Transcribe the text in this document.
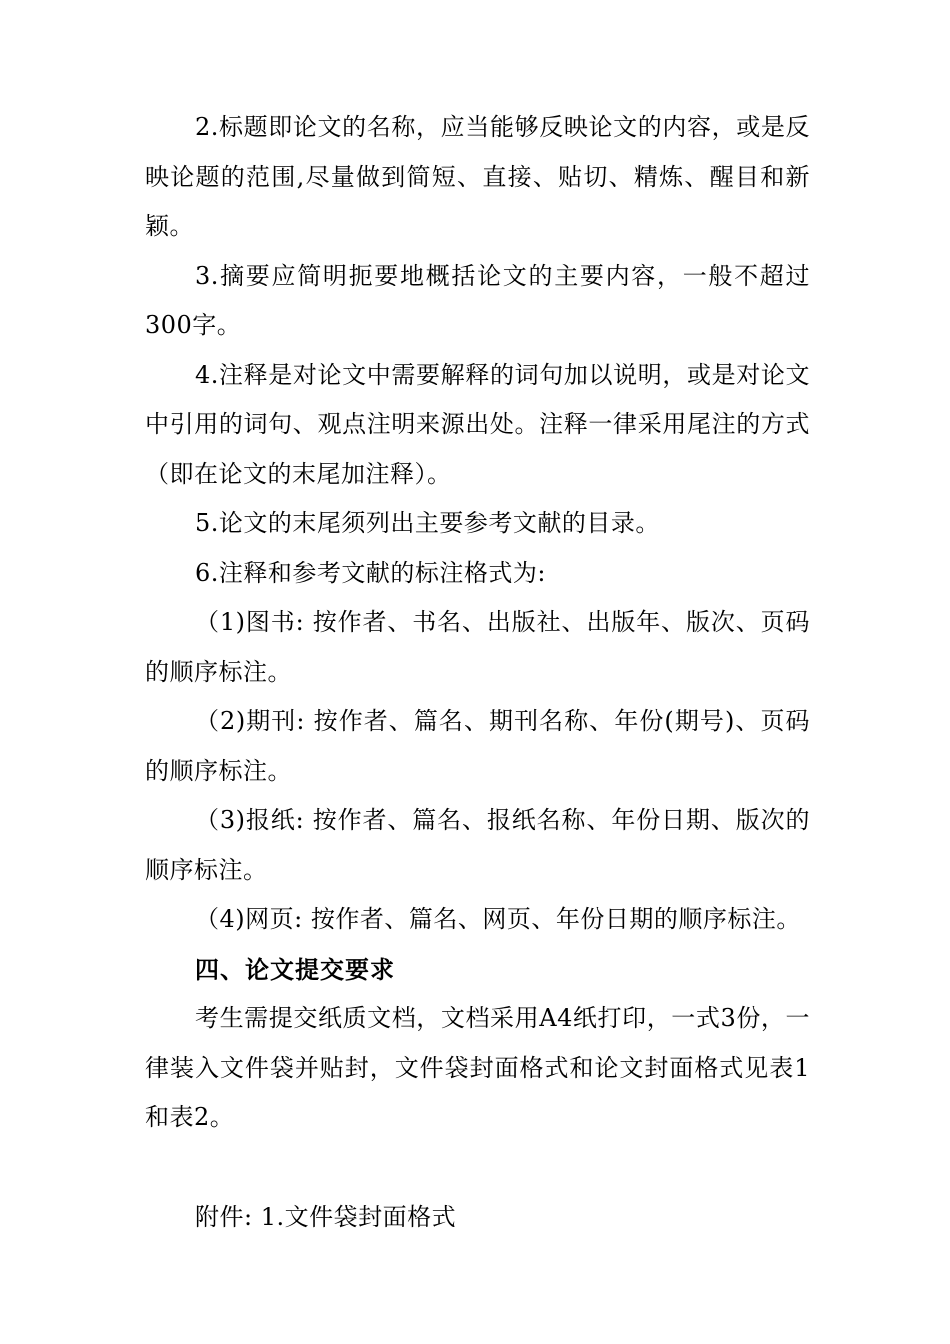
2.标题即论文的名称，应当能够反映论文的内容，或是反映论题的范围,尽量做到简短、直接、贴切、精炼、醒目和新颖。

3.摘要应简明扼要地概括论文的主要内容，一般不超过300字。

4.注释是对论文中需要解释的词句加以说明，或是对论文中引用的词句、观点注明来源出处。注释一律采用尾注的方式（即在论文的末尾加注释）。

5.论文的末尾须列出主要参考文献的目录。

6.注释和参考文献的标注格式为:

（1)图书: 按作者、书名、出版社、出版年、版次、页码的顺序标注。

（2)期刊: 按作者、篇名、期刊名称、年份(期号)、页码的顺序标注。

（3)报纸: 按作者、篇名、报纸名称、年份日期、版次的顺序标注。

（4)网页: 按作者、篇名、网页、年份日期的顺序标注。

四、论文提交要求

考生需提交纸质文档，文档采用A4纸打印，一式3份，一律装入文件袋并贴封，文件袋封面格式和论文封面格式见表1和表2。

附件: 1.文件袋封面格式
